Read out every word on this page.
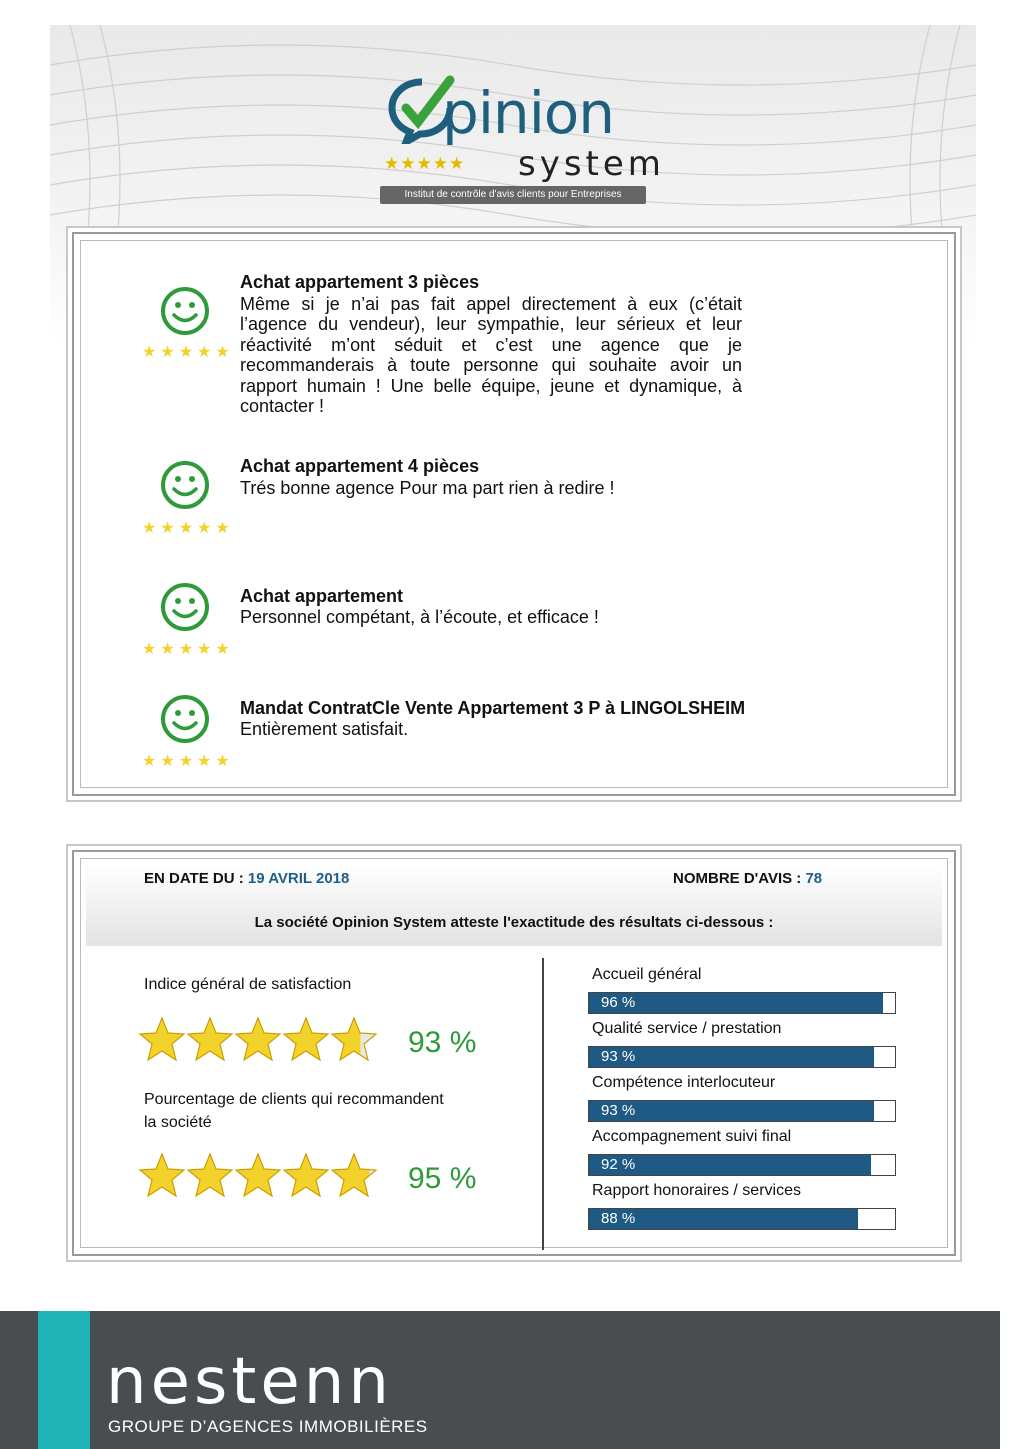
pinion
★★★★★ system
Institut de contrôle d'avis clients pour Entreprises
★★★★★
Achat appartement 3 pièces
Même si je n’ai pas fait appel directement à eux (c’était l’agence du vendeur), leur sympathie, leur sérieux et leur réactivité m’ont séduit et c’est une agence que je recommanderais à toute personne qui souhaite avoir un rapport humain ! Une belle équipe, jeune et dynamique, à contacter !
★★★★★
Achat appartement 4 pièces
Trés bonne agence Pour ma part rien à redire !
★★★★★
Achat appartement
Personnel compétant, à l’écoute, et efficace !
★★★★★
Mandat ContratCle Vente Appartement 3 P à LINGOLSHEIM
Entièrement satisfait.
EN DATE DU : 19 AVRIL 2018	NOMBRE D'AVIS : 78
La société Opinion System atteste l'exactitude des résultats ci-dessous :
Indice général de satisfaction
93 %
Pourcentage de clients qui recommandent
la société
95 %
Accueil général
96 %
Qualité service / prestation
93 %
Compétence interlocuteur
93 %
Accompagnement suivi final
92 %
Rapport honoraires / services
88 %
nestenn
GROUPE D’AGENCES IMMOBILIÈRES
